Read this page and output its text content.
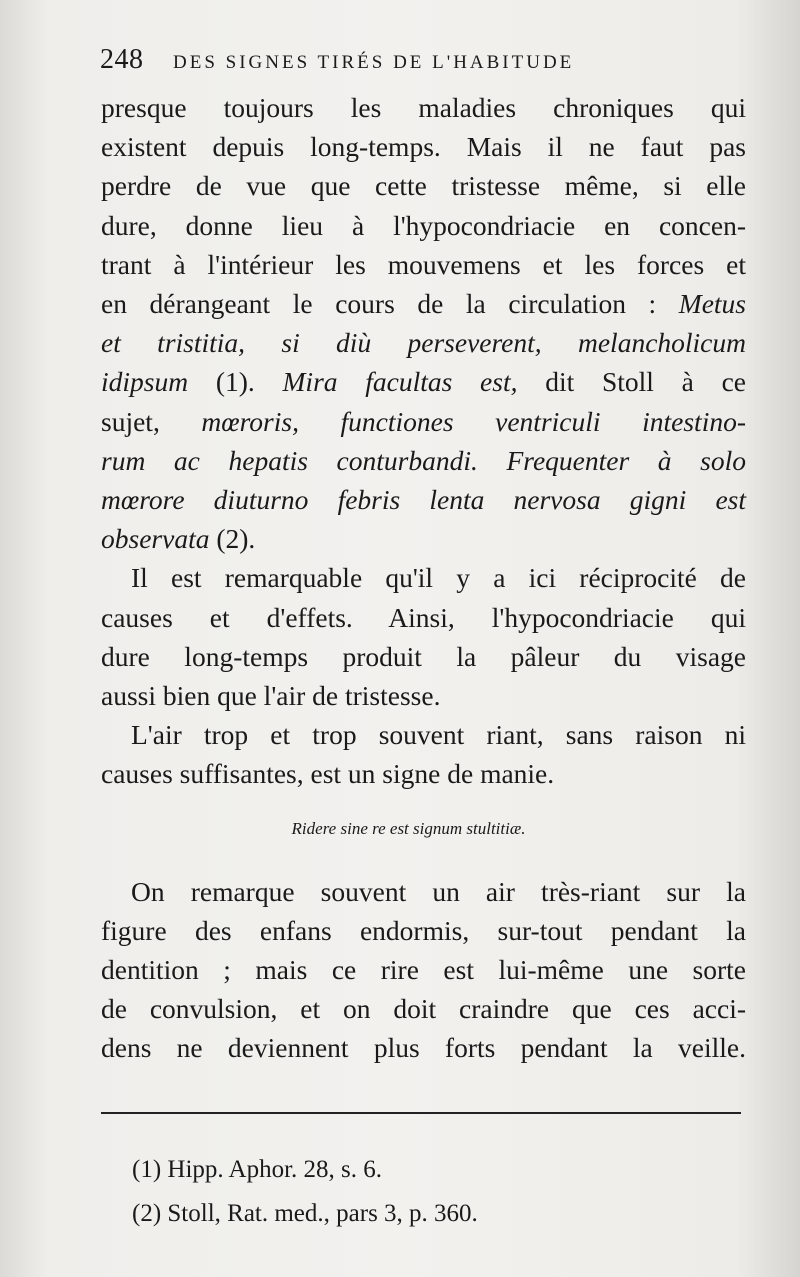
248 DES SIGNES TIRÉS DE L'HABITUDE
presque toujours les maladies chroniques qui
existent depuis long-temps. Mais il ne faut pas
perdre de vue que cette tristesse même, si elle
dure, donne lieu à l'hypocondriacie en concen-
trant à l'intérieur les mouvemens et les forces et
en dérangeant le cours de la circulation : Metus
et tristitia, si diù perseverent, melancholicum
idipsum (1). Mira facultas est, dit Stoll à ce
sujet, mœroris, functiones ventriculi intestino-
rum ac hepatis conturbandi. Frequenter à solo
mœrore diuturno febris lenta nervosa gigni est
observata (2).
Il est remarquable qu'il y a ici réciprocité de
causes et d'effets. Ainsi, l'hypocondriacie qui
dure long-temps produit la pâleur du visage
aussi bien que l'air de tristesse.
L'air trop et trop souvent riant, sans raison ni
causes suffisantes, est un signe de manie.
Ridere sine re est signum stultitiæ.
On remarque souvent un air très-riant sur la
figure des enfans endormis, sur-tout pendant la
dentition ; mais ce rire est lui-même une sorte
de convulsion, et on doit craindre que ces acci-
dens ne deviennent plus forts pendant la veille.
(1) Hipp. Aphor. 28, s. 6.
(2) Stoll, Rat. med., pars 3, p. 360.
